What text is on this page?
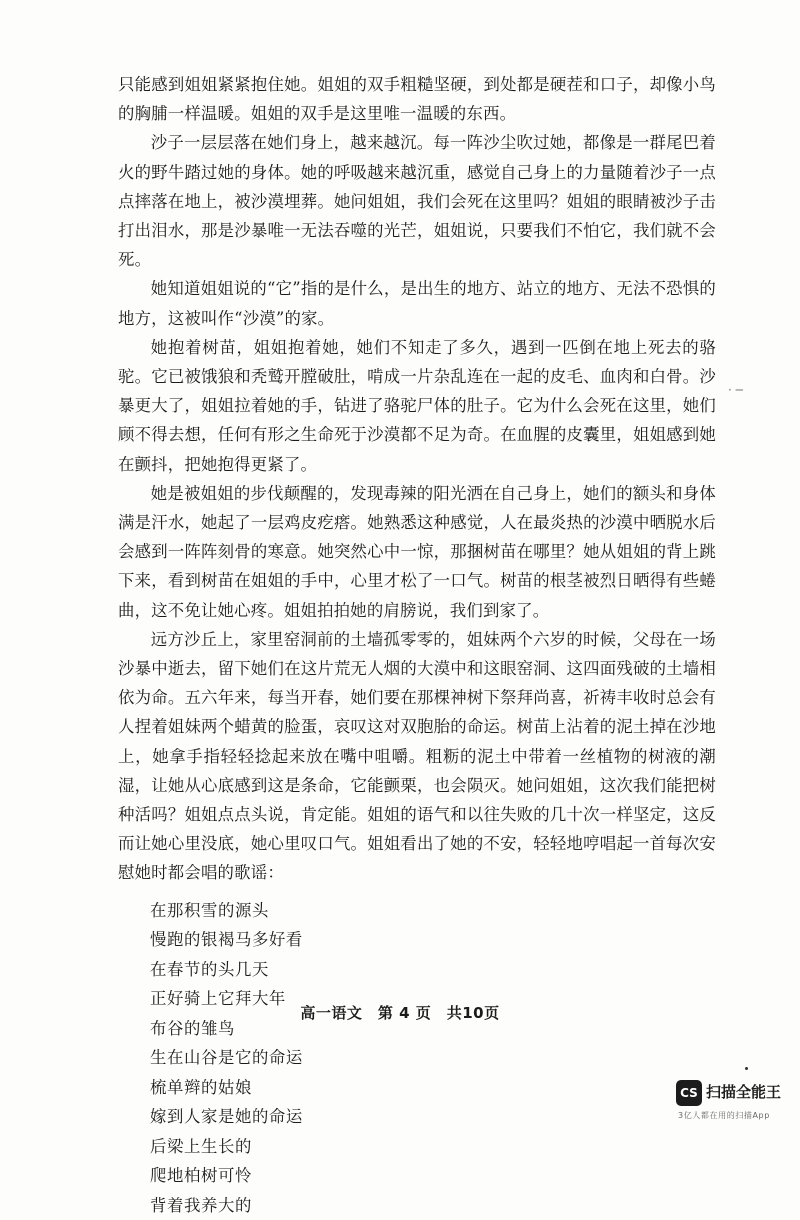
只能感到姐姐紧紧抱住她。姐姐的双手粗糙坚硬，到处都是硬茬和口子，却像小鸟的胸脯一样温暖。姐姐的双手是这里唯一温暖的东西。

沙子一层层落在她们身上，越来越沉。每一阵沙尘吹过她，都像是一群尾巴着火的野牛踏过她的身体。她的呼吸越来越沉重，感觉自己身上的力量随着沙子一点点摔落在地上，被沙漠埋葬。她问姐姐，我们会死在这里吗？姐姐的眼睛被沙子击打出泪水，那是沙暴唯一无法吞噬的光芒，姐姐说，只要我们不怕它，我们就不会死。

她知道姐姐说的“它”指的是什么，是出生的地方、站立的地方、无法不恐惧的地方，这被叫作“沙漠”的家。

她抱着树苗，姐姐抱着她，她们不知走了多久，遇到一匹倒在地上死去的骆驼。它已被饿狼和秃鹫开膛破肚，啃成一片杂乱连在一起的皮毛、血肉和白骨。沙暴更大了，姐姐拉着她的手，钻进了骆驼尸体的肚子。它为什么会死在这里，她们顾不得去想，任何有形之生命死于沙漠都不足为奇。在血腥的皮囊里，姐姐感到她在颤抖，把她抱得更紧了。

她是被姐姐的步伐颠醒的，发现毒辣的阳光洒在自己身上，她们的额头和身体满是汗水，她起了一层鸡皮疙瘩。她熟悉这种感觉，人在最炎热的沙漠中晒脱水后会感到一阵阵刻骨的寒意。她突然心中一惊，那捆树苗在哪里？她从姐姐的背上跳下来，看到树苗在姐姐的手中，心里才松了一口气。树苗的根茎被烈日晒得有些蜷曲，这不免让她心疼。姐姐拍拍她的肩膀说，我们到家了。

远方沙丘上，家里窑洞前的土墙孤零零的，姐妹两个六岁的时候，父母在一场沙暴中逝去，留下她们在这片荒无人烟的大漠中和这眼窑洞、这四面残破的土墙相依为命。五六年来，每当开春，她们要在那棵神树下祭拜尚喜，祈祷丰收时总会有人捏着姐妹两个蜡黄的脸蛋，哀叹这对双胞胎的命运。树苗上沾着的泥土掉在沙地上，她拿手指轻轻捻起来放在嘴中咀嚼。粗粝的泥土中带着一丝植物的树液的潮湿，让她从心底感到这是条命，它能颤栗，也会陨灭。她问姐姐，这次我们能把树种活吗？姐姐点点头说，肯定能。姐姐的语气和以往失败的几十次一样坚定，这反而让她心里没底，她心里叹口气。姐姐看出了她的不安，轻轻地哼唱起一首每次安慰她时都会唱的歌谣：

在那积雪的源头
慢跑的银褐马多好看
在春节的头几天
正好骑上它拜大年
布谷的雏鸟
生在山谷是它的命运
梳单辫的姑娘
嫁到人家是她的命运
后梁上生长的
爬地柏树可怜
背着我养大的
· ─
高一语文　第 4 页　共10页
CS 扫描全能王
3亿人都在用的扫描App
